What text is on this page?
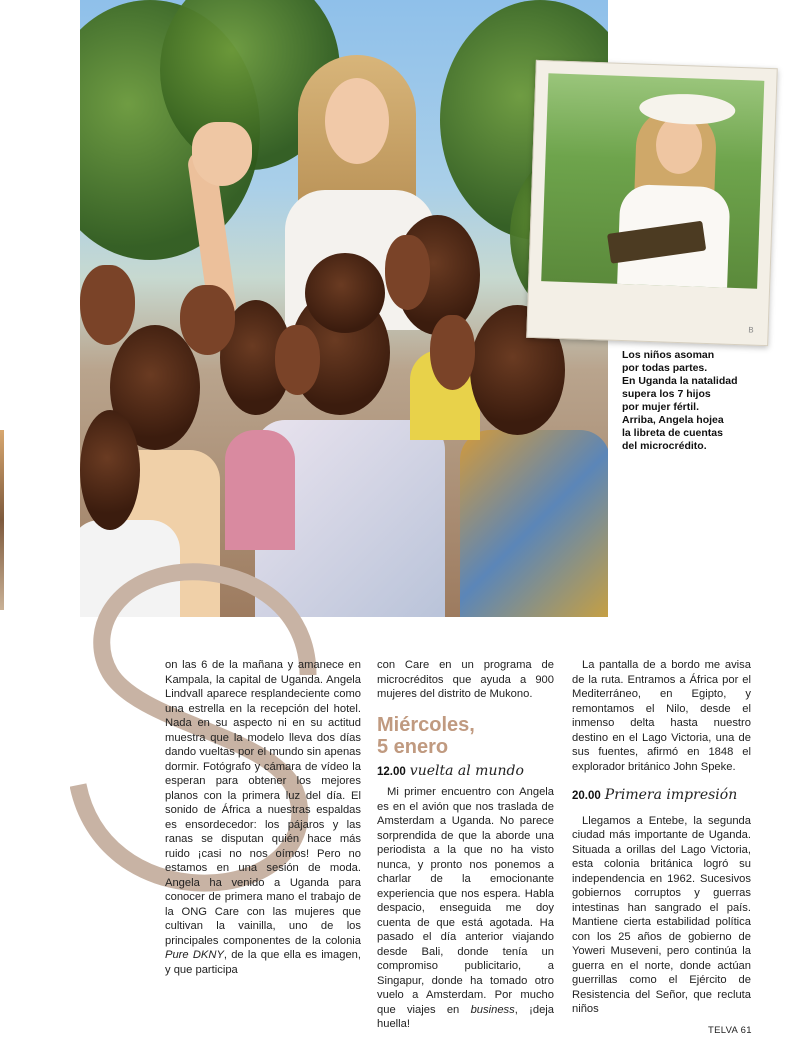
B
Los niños asoman
por todas partes.
En Uganda la natalidad
supera los 7 hijos
por mujer fértil.
Arriba, Angela hojea
la libreta de cuentas
del microcrédito.

on las 6 de la mañana y amanece en Kampala, la capital de Uganda. Angela Lindvall aparece resplandeciente como una estrella en la recepción del hotel. Nada en su aspecto ni en su actitud muestra que la modelo lleva dos días dando vueltas por el mundo sin apenas dormir. Fotógrafo y cámara de vídeo la esperan para obtener los mejores planos con la primera luz del día. El sonido de África a nuestras espaldas es ensordecedor: los pájaros y las ranas se disputan quién hace más ruido ¡casi no nos oímos! Pero no estamos en una sesión de moda. Angela ha venido a Uganda para conocer de primera mano el trabajo de la ONG Care con las mujeres que cultivan la vainilla, uno de los principales componentes de la colonia Pure DKNY, de la que ella es imagen, y que participa

con Care en un programa de microcréditos que ayuda a 900 mujeres del distrito de Mukono.

Miércoles,
5 enero
12.00 vuelta al mundo

Mi primer encuentro con Angela es en el avión que nos traslada de Amsterdam a Uganda. No parece sorprendida de que la aborde una periodista a la que no ha visto nunca, y pronto nos ponemos a charlar de la emocionante experiencia que nos espera. Habla despacio, enseguida me doy cuenta de que está agotada. Ha pasado el día anterior viajando desde Bali, donde tenía un compromiso publicitario, a Singapur, donde ha tomado otro vuelo a Amsterdam. Por mucho que viajes en business, ¡deja huella!

La pantalla de a bordo me avisa de la ruta. Entramos a África por el Mediterráneo, en Egipto, y remontamos el Nilo, desde el inmenso delta hasta nuestro destino en el Lago Victoria, una de sus fuentes, afirmó en 1848 el explorador británico John Speke.

20.00 Primera impresión

Llegamos a Entebe, la segunda ciudad más importante de Uganda. Situada a orillas del Lago Victoria, esta colonia británica logró su independencia en 1962. Sucesivos gobiernos corruptos y guerras intestinas han sangrado el país. Mantiene cierta estabilidad política con los 25 años de gobierno de Yoweri Museveni, pero continúa la guerra en el norte, donde actúan guerrillas como el Ejército de Resistencia del Señor, que recluta niños

TELVA 61
